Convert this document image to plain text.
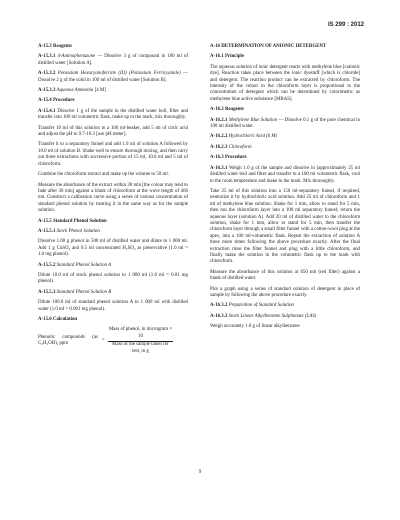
IS 299 : 2012
A-15.3 Reagents
A-15.3.1 4-Aminophenazone — Dissolve 3 g of compound in 100 ml of distilled water [Solution A].
A-15.3.2 Potassium Hexacyanoferrate (III) (Potassium Ferricyanide) — Dissolve 2 g of the solid in 100 ml of distilled water [Solution B].
A-15.3.3 Aqueous Ammonia [4 M]
A-15.4 Procedure
A-15.4.1 Dissolve 1 g of the sample in the distilled water boil, filter and transfer into 100 ml volumetric flask, make up to the mark, mix thoroughly.
Transfer 10 ml of this solution to a 100 ml-beaker, add 5 ml of citric acid and adjust the pH to 9.7-10.3 [use pH meter].
Transfer it to a separatory funnel and add 1.0 ml of solution A followed by 10.0 ml of solution B. Shake well to ensure thorough mixing, and then carry out three extractions with successive portion of 15 ml, 10.0 ml and 5 ml of chloroform.
Combine the chloroform extract and make up the volume to 50 ml.
Measure the absorbance of the extract within 30 min [the colour may tend to fade after 30 min] against a blank of chloroform at the wave length of 460 nm. Construct a calibration curve using a series of various concentration of standard phenol solution by treating it in the same way as for the sample solution.
A-15.5 Standard Phenol Solution
A-15.5.1 Stock Phenol Solution
Dissolve 1.00 g phenol in 500 ml of distilled water and dilute to 1 000 ml. Add 1 g CuSO₄ and 0.5 ml concentrated H₂SO₄ as preservative (1.0 ml = 1.0 mg phenol).
A-15.5.2 Standard Phenol Solution A
Dilute 10.0 ml of stock phenol solution to 1 000 ml (1.0 ml = 0.01 mg phenol).
A-15.5.3 Standard Phenol Solution B
Dilute 100.0 ml of standard phenol solution A to 1 000 ml with distilled water (1.0 ml = 0.001 mg phenol).
A-15.6 Calculation
Phenolic compounds (as C₆H₅OH), ppm
= $\frac{\text{Mass of phenol, in microgram × 10}}{\text{Mass of the sample taken for test, in g}}$
A-16 DETERMINATION OF ANIONIC DETERGENT
A-16.1 Principle
The aqueous solution of ionic detergent reacts with methylene blue [cationic dye]. Reaction takes place between the ionic dyestuff [which is chloride] and detergent. The reaction product can be extracted by chloroform. The intensity of the colour in the chloroform layer is proportional to the concentration of detergent which can be determined by colorimetric as methylene blue active substance [MBAS].
A-16.2 Reagents
A-16.2.1 Methylene Blue Solution — Dissolve 0.1 g of the pure chemical in 100 ml distilled water.
A-16.2.2 Hydrochloric Acid (6 M)
A-16.2.3 Chloroform
A-16.3 Procedure
A-16.3.1 Weigh 1.0 g of the sample and dissolve in (approximately 25 ml distilled water boil and filter and transfer to a 100 ml volumetric flask, cool to the room temperature and make to the mark. Mix thoroughly.
Take 25 ml of this solution into a 150 ml-separatory funnel, if required, neutralize it by hydrochloric acid solution. Add 25 ml of chloroform and 1 ml of methylene blue solution. Shake for 1 min, allow to stand for 5 min, then run the chloroform layer into a 100 ml separatory funnel; return the aqueous layer (solution A). Add 20 ml of distilled water to the chloroform solution, shake for 1 min, allow to stand for 5 min, then transfer the chloroform layer through a small filter funnel with a cotton-wool plug at the apex, into a 100 ml-volumetric flask. Repeat the extraction of solution A three more times following the above procedure exactly. After the final extraction rinse the filter funnel and plug with a little chloroform, and finally make the solution in the volumetric flask up to the mark with chloroform.
Measure the absorbance of this solution at 650 nm (red filter) against a blank of distilled water.
Plot a graph using a series of standard solution of detergent in place of sample by following the above procedure exactly.
A-16.3.2 Preparation of Standard Solution
A-16.3.3 Stock Linear Alkylbenzene Sulphonate (LAS)
Weigh accurately 1.0 g of linear alkylbenzene
9
